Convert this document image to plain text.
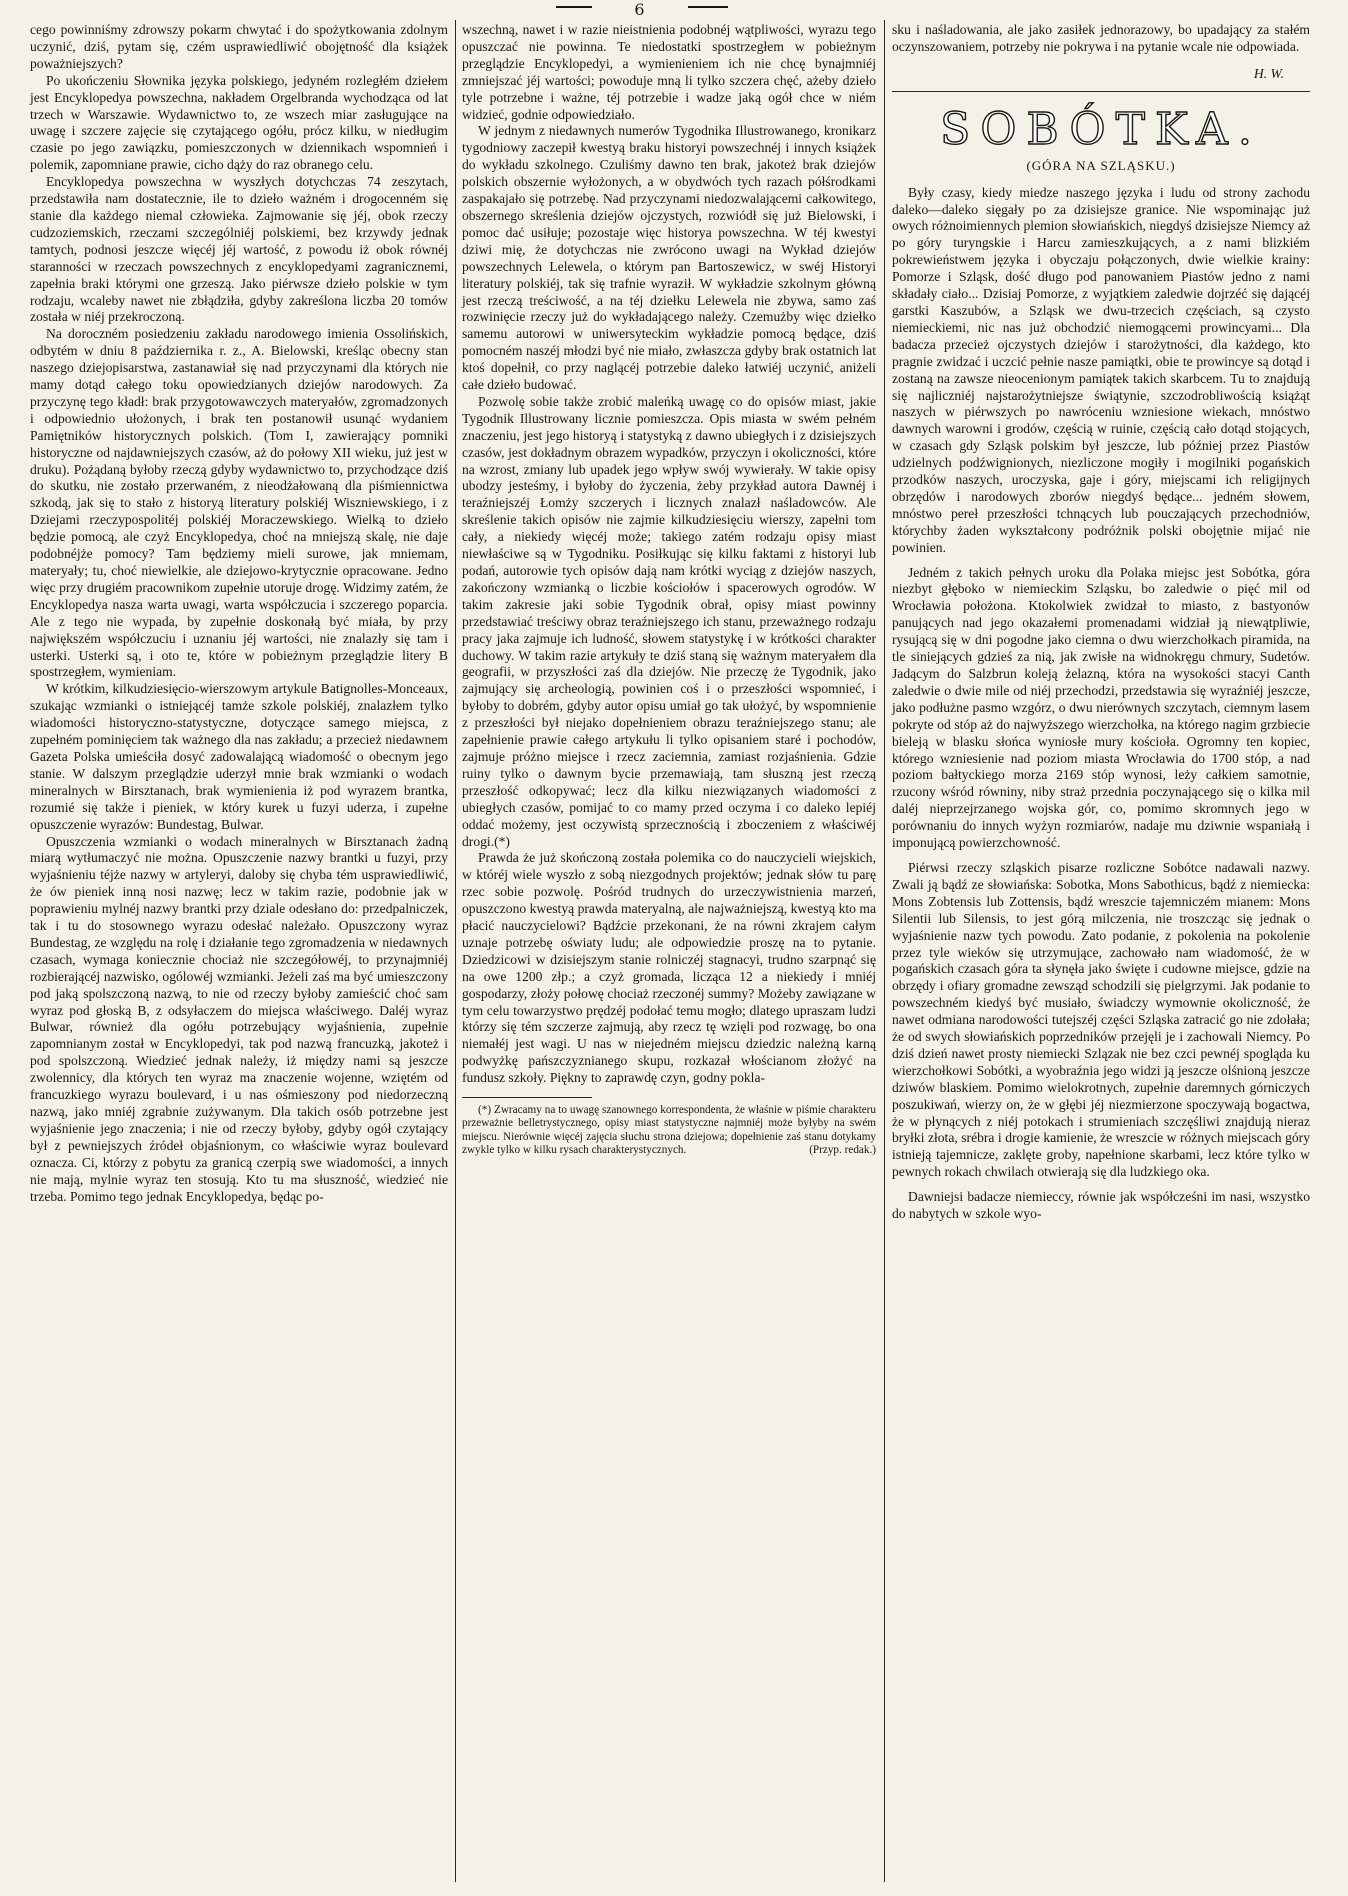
6

cego powinniśmy zdrowszy pokarm chwytać i do spożytkowania zdolnym uczynić, dziś, pytam się, czém usprawiedliwić obojętność dla książek poważniejszych?

Po ukończeniu Słownika języka polskiego, jedyném rozległém dziełem jest Encyklopedya powszechna, nakładem Orgelbranda wychodząca od lat trzech w Warszawie. Wydawnictwo to, ze wszech miar zasługujące na uwagę i szczere zajęcie się czytającego ogółu, prócz kilku, w niedługim czasie po jego zawiązku, pomieszczonych w dziennikach wspomnień i polemik, zapomniane prawie, cicho dąży do raz obranego celu.

Encyklopedya powszechna w wyszłych dotychczas 74 zeszytach, przedstawiła nam dostatecznie, ile to dzieło ważném i drogocenném się stanie dla każdego niemal człowieka. Zajmowanie się jéj, obok rzeczy cudzoziemskich, rzeczami szczególniéj polskiemi, bez krzywdy jednak tamtych, podnosi jeszcze więcéj jéj wartość, z powodu iż obok równéj staranności w rzeczach powszechnych z encyklopedyami zagranicznemi, zapełnia braki którymi one grzeszą. Jako piérwsze dzieło polskie w tym rodzaju, wcaleby nawet nie zbłądziła, gdyby zakreślona liczba 20 tomów została w niéj przekroczoną.

Na doroczném posiedzeniu zakładu narodowego imienia Ossolińskich, odbytém w dniu 8 października r. z., A. Bielowski, kreśląc obecny stan naszego dziejopisarstwa, zastanawiał się nad przyczynami dla których nie mamy dotąd całego toku opowiedzianych dziejów narodowych. Za przyczynę tego kładł: brak przygotowawczych materyałów, zgromadzonych i odpowiednio ułożonych, i brak ten postanowił usunąć wydaniem Pamiętników historycznych polskich. (Tom I, zawierający pomniki historyczne od najdawniejszych czasów, aż do połowy XII wieku, już jest w druku). Pożądaną byłoby rzeczą gdyby wydawnictwo to, przychodzące dziś do skutku, nie zostało przerwaném, z nieodżałowaną dla piśmiennictwa szkodą, jak się to stało z historyą literatury polskiéj Wiszniewskiego, i z Dziejami rzeczypospolitéj polskiéj Moraczewskiego. Wielką to dzieło będzie pomocą, ale czyż Encyklopedya, choć na mniejszą skalę, nie daje podobnéjże pomocy? Tam będziemy mieli surowe, jak mniemam, materyały; tu, choć niewielkie, ale dziejowo-krytycznie opracowane. Jedno więc przy drugiém pracownikom zupełnie utoruje drogę. Widzimy zatém, że Encyklopedya nasza warta uwagi, warta współczucia i szczerego poparcia. Ale z tego nie wypada, by zupełnie doskonałą być miała, by przy największém współczuciu i uznaniu jéj wartości, nie znalazły się tam i usterki. Usterki są, i oto te, które w pobieżnym przeglądzie litery B spostrzegłem, wymieniam.

W krótkim, kilkudziesięcio-wierszowym artykule Batignolles-Monceaux, szukając wzmianki o istniejącéj tamże szkole polskiéj, znalazłem tylko wiadomości historyczno-statystyczne, dotyczące samego miejsca, z zupełném pominięciem tak ważnego dla nas zakładu; a przecież niedawnem Gazeta Polska umieściła dosyć zadowalającą wiadomość o obecnym jego stanie. W dalszym przeglądzie uderzył mnie brak wzmianki o wodach mineralnych w Birsztanach, brak wymienienia iż pod wyrazem brantka, rozumié się także i pieniek, w który kurek u fuzyi uderza, i zupełne opuszczenie wyrazów: Bundestag, Bulwar.

Opuszczenia wzmianki o wodach mineralnych w Birsztanach żadną miarą wytłumaczyć nie można. Opuszczenie nazwy brantki u fuzyi, przy wyjaśnieniu téjże nazwy w artyleryi, daloby się chyba tém usprawiedliwić, że ów pieniek inną nosi nazwę; lecz w takim razie, podobnie jak w poprawieniu mylnéj nazwy brantki przy dziale odesłano do: przedpalniczek, tak i tu do stosownego wyrazu odesłać należało. Opuszczony wyraz Bundestag, ze względu na rolę i działanie tego zgromadzenia w niedawnych czasach, wymaga koniecznie chociaż nie szczegółowéj, to przynajmniéj rozbierającéj nazwisko, ogólowéj wzmianki. Jeżeli zaś ma być umieszczony pod jaką spolszczoną nazwą, to nie od rzeczy byłoby zamieścić choć sam wyraz pod głoską B, z odsyłaczem do miejsca właściwego. Daléj wyraz Bulwar, również dla ogółu potrzebujący wyjaśnienia, zupełnie zapomnianym został w Encyklopedyi, tak pod nazwą francuzką, jakoteż i pod spolszczoną. Wiedzieć jednak należy, iż między nami są jeszcze zwolennicy, dla których ten wyraz ma znaczenie wojenne, wziętém od francuzkiego wyrazu boulevard, i u nas ośmieszony pod niedorzeczną nazwą, jako mniéj zgrabnie zużywanym. Dla takich osób potrzebne jest wyjaśnienie jego znaczenia; i nie od rzeczy byłoby, gdyby ogół czytający był z pewniejszych źródeł objaśnionym, co właściwie wyraz boulevard oznacza. Ci, którzy z pobytu za granicą czerpią swe wiadomości, a innych nie mają, mylnie wyraz ten stosują. Kto tu ma słuszność, wiedzieć nie trzeba. Pomimo tego jednak Encyklopedya, będąc po-

wszechną, nawet i w razie nieistnienia podobnéj wątpliwości, wyrazu tego opuszczać nie powinna. Te niedostatki spostrzegłem w pobieżnym przeglądzie Encyklopedyi, a wymienieniem ich nie chcę bynajmniéj zmniejszać jéj wartości; powoduje mną li tylko szczera chęć, ażeby dzieło tyle potrzebne i ważne, téj potrzebie i wadze jaką ogół chce w niém widzieć, godnie odpowiedziało.

W jednym z niedawnych numerów Tygodnika Illustrowanego, kronikarz tygodniowy zaczepił kwestyą braku historyi powszechnéj i innych książek do wykładu szkolnego. Czuliśmy dawno ten brak, jakoteż brak dziejów polskich obszernie wyłożonych, a w obydwóch tych razach półśrodkami zaspakajało się potrzebę. Nad przyczynami niedozwalającemi całkowitego, obszernego skreślenia dziejów ojczystych, rozwiódł się już Bielowski, i pomoc dać usiłuje; pozostaje więc historya powszechna. W téj kwestyi dziwi mię, że dotychczas nie zwrócono uwagi na Wykład dziejów powszechnych Lelewela, o którym pan Bartoszewicz, w swéj Historyi literatury polskiéj, tak się trafnie wyraził. W wykładzie szkolnym główną jest rzeczą treściwość, a na téj dziełku Lelewela nie zbywa, samo zaś rozwinięcie rzeczy już do wykładającego należy. Czemużby więc dziełko samemu autorowi w uniwersyteckim wykładzie pomocą będące, dziś pomocném naszéj młodzi być nie miało, zwłaszcza gdyby brak ostatnich lat ktoś dopełnił, co przy naglącéj potrzebie daleko łatwiéj uczynić, aniżeli całe dzieło budować.

Pozwolę sobie także zrobić maleńką uwagę co do opisów miast, jakie Tygodnik Illustrowany licznie pomieszcza. Opis miasta w swém pełném znaczeniu, jest jego historyą i statystyką z dawno ubiegłych i z dzisiejszych czasów, jest dokładnym obrazem wypadków, przyczyn i okoliczności, które na wzrost, zmiany lub upadek jego wpływ swój wywierały. W takie opisy ubodzy jesteśmy, i byłoby do życzenia, żeby przykład autora Dawnéj i teraźniejszéj Łomży szczerych i licznych znalazł naśladowców. Ale skreślenie takich opisów nie zajmie kilkudziesięciu wierszy, zapełni tom cały, a niekiedy więcéj może; takiego zatém rodzaju opisy miast niewłaściwe są w Tygodniku. Posiłkując się kilku faktami z historyi lub podań, autorowie tych opisów dają nam krótki wyciąg z dziejów naszych, zakończony wzmianką o liczbie kościołów i spacerowych ogrodów. W takim zakresie jaki sobie Tygodnik obrał, opisy miast powinny przedstawiać treściwy obraz teraźniejszego ich stanu, przeważnego rodzaju pracy jaka zajmuje ich ludność, słowem statystykę i w krótkości charakter duchowy. W takim razie artykuły te dziś staną się ważnym materyałem dla geografii, w przyszłości zaś dla dziejów. Nie przeczę że Tygodnik, jako zajmujący się archeologią, powinien coś i o przeszłości wspomnieć, i byłoby to dobrém, gdyby autor opisu umiał go tak ułożyć, by wspomnienie z przeszłości był niejako dopełnieniem obrazu teraźniejszego stanu; ale zapełnienie prawie całego artykułu li tylko opisaniem staré i pochodów, zajmuje próżno miejsce i rzecz zaciemnia, zamiast rozjaśnienia. Gdzie ruiny tylko o dawnym bycie przemawiają, tam słuszną jest rzeczą przeszłość odkopywać; lecz dla kilku niezwiązanych wiadomości z ubiegłych czasów, pomijać to co mamy przed oczyma i co daleko lepiéj oddać możemy, jest oczywistą sprzecznością i zboczeniem z właściwéj drogi.(*)

Prawda że już skończoną została polemika co do nauczycieli wiejskich, w któréj wiele wyszło z sobą niezgodnych projektów; jednak słów tu parę rzec sobie pozwolę. Pośród trudnych do urzeczywistnienia marzeń, opuszczono kwestyą prawda materyalną, ale najważniejszą, kwestyą kto ma płacić nauczycielowi? Bądźcie przekonani, że na równi zkrajem całym uznaje potrzebę oświaty ludu; ale odpowiedzie proszę na to pytanie. Dziedzicowi w dzisiejszym stanie rolniczéj stagnacyi, trudno szarpnąć się na owe 1200 złp.; a czyż gromada, licząca 12 a niekiedy i mniéj gospodarzy, złoży połowę chociaż rzeczonéj summy? Możeby zawiązane w tym celu towarzystwo prędzéj podołać temu mogło; dlatego upraszam ludzi którzy się tém szczerze zajmują, aby rzecz tę wzięli pod rozwagę, bo ona niemałéj jest wagi. U nas w niejedném miejscu dziedzic należną karną podwyżkę pańszczyznianego skupu, rozkazał włościanom złożyć na fundusz szkoły. Piękny to zaprawdę czyn, godny pokla-

(*) Zwracamy na to uwagę szanownego korrespondenta, że właśnie w piśmie charakteru przeważnie belletrystycznego, opisy miast statystyczne najmniéj może byłyby na swém miejscu. Nierównie więcéj zajęcia słuchu strona dziejowa; dopełnienie zaś stanu dotykamy zwykle tylko w kilku rysach charakterystycznych.	(Przyp. redak.)

sku i naśladowania, ale jako zasiłek jednorazowy, bo upadający za stałém oczynszowaniem, potrzeby nie pokrywa i na pytanie wcale nie odpowiada.

H. W.
SOBÓTKA.
(GÓRA NA SZLĄSKU.)

Były czasy, kiedy miedze naszego języka i ludu od strony zachodu daleko—daleko sięgały po za dzisiejsze granice. Nie wspominając już owych różnoimiennych plemion słowiańskich, niegdyś dzisiejsze Niemcy aż po góry turyngskie i Harcu zamieszkujących, a z nami blizkiém pokrewieństwem języka i obyczaju połączonych, dwie wielkie krainy: Pomorze i Szląsk, dość długo pod panowaniem Piastów jedno z nami składały ciało... Dzisiaj Pomorze, z wyjątkiem zaledwie dojrzéć się dającéj garstki Kaszubów, a Szląsk we dwu-trzecich częściach, są czysto niemieckiemi, nic nas już obchodzić niemogącemi prowincyami... Dla badacza przecież ojczystych dziejów i starożytności, dla każdego, kto pragnie zwidzać i uczcić pełnie nasze pamiątki, obie te prowincye są dotąd i zostaną na zawsze nieocenionym pamiątek takich skarbcem. Tu to znajdują się najliczniéj najstarożytniejsze świątynie, szczodrobliwością książąt naszych w piérwszych po nawróceniu wzniesione wiekach, mnóstwo dawnych warowni i grodów, częścią w ruinie, częścią cało dotąd stojących, w czasach gdy Szląsk polskim był jeszcze, lub później przez Piastów udzielnych podźwignionych, niezliczone mogiły i mogilniki pogańskich przodków naszych, uroczyska, gaje i góry, miejscami ich religijnych obrzędów i narodowych zborów niegdyś będące... jedném słowem, mnóstwo pereł przeszłości tchnących lub pouczających przechodniów, którychby żaden wykształcony podróżnik polski obojętnie mijać nie powinien.

Jedném z takich pełnych uroku dla Polaka miejsc jest Sobótka, góra niezbyt głęboko w niemieckim Szląsku, bo zaledwie o pięć mil od Wrocławia położona. Ktokolwiek zwidzał to miasto, z bastyonów panujących nad jego okazałemi promenadami widział ją niewątpliwie, rysującą się w dni pogodne jako ciemna o dwu wierzchołkach piramida, na tle siniejących gdzieś za nią, jak zwisłe na widnokręgu chmury, Sudetów. Jadącym do Salzbrun koleją żelazną, która na wysokości stacyi Canth zaledwie o dwie mile od niéj przechodzi, przedstawia się wyraźniéj jeszcze, jako podłużne pasmo wzgórz, o dwu nierównych szczytach, ciemnym lasem pokryte od stóp aż do najwyższego wierzchołka, na którego nagim grzbiecie bieleją w blasku słońca wyniosłe mury kościoła. Ogromny ten kopiec, którego wzniesienie nad poziom miasta Wrocławia do 1700 stóp, a nad poziom bałtyckiego morza 2169 stóp wynosi, leży całkiem samotnie, rzucony wśród równiny, niby straż przednia poczynającego się o kilka mil daléj nieprzejrzanego wojska gór, co, pomimo skromnych jego w porównaniu do innych wyżyn rozmiarów, nadaje mu dziwnie wspaniałą i imponującą powierzchowność.

Piérwsi rzeczy szląskich pisarze rozliczne Sobótce nadawali nazwy. Zwali ją bądź ze słowiańska: Sobotka, Mons Sabothicus, bądź z niemiecka: Mons Zobtensis lub Zottensis, bądź wreszcie tajemniczém mianem: Mons Silentii lub Silensis, to jest górą milczenia, nie troszcząc się jednak o wyjaśnienie nazw tych powodu. Zato podanie, z pokolenia na pokolenie przez tyle wieków się utrzymujące, zachowało nam wiadomość, że w pogańskich czasach góra ta słynęła jako święte i cudowne miejsce, gdzie na obrzędy i ofiary gromadne zewsząd schodzili się pielgrzymi. Jak podanie to powszechném kiedyś być musiało, świadczy wymownie okoliczność, że nawet odmiana narodowości tutejszéj części Szląska zatracić go nie zdołała; że od swych słowiańskich poprzedników przejęli je i zachowali Niemcy. Po dziś dzień nawet prosty niemiecki Szlązak nie bez czci pewnéj spogląda ku wierzchołkowi Sobótki, a wyobraźnia jego widzi ją jeszcze olśnioną jeszcze dziwów blaskiem. Pomimo wielokrotnych, zupełnie daremnych górniczych poszukiwań, wierzy on, że w głębi jéj niezmierzone spoczywają bogactwa, że w płynących z niéj potokach i strumieniach szczęśliwi znajdują nieraz bryłki złota, srébra i drogie kamienie, że wreszcie w różnych miejscach góry istnieją tajemnicze, zaklęte groby, napełnione skarbami, lecz które tylko w pewnych rokach chwilach otwierają się dla ludzkiego oka.

Dawniejsi badacze niemieccy, równie jak współcześni im nasi, wszystko do nabytych w szkole wyo-
